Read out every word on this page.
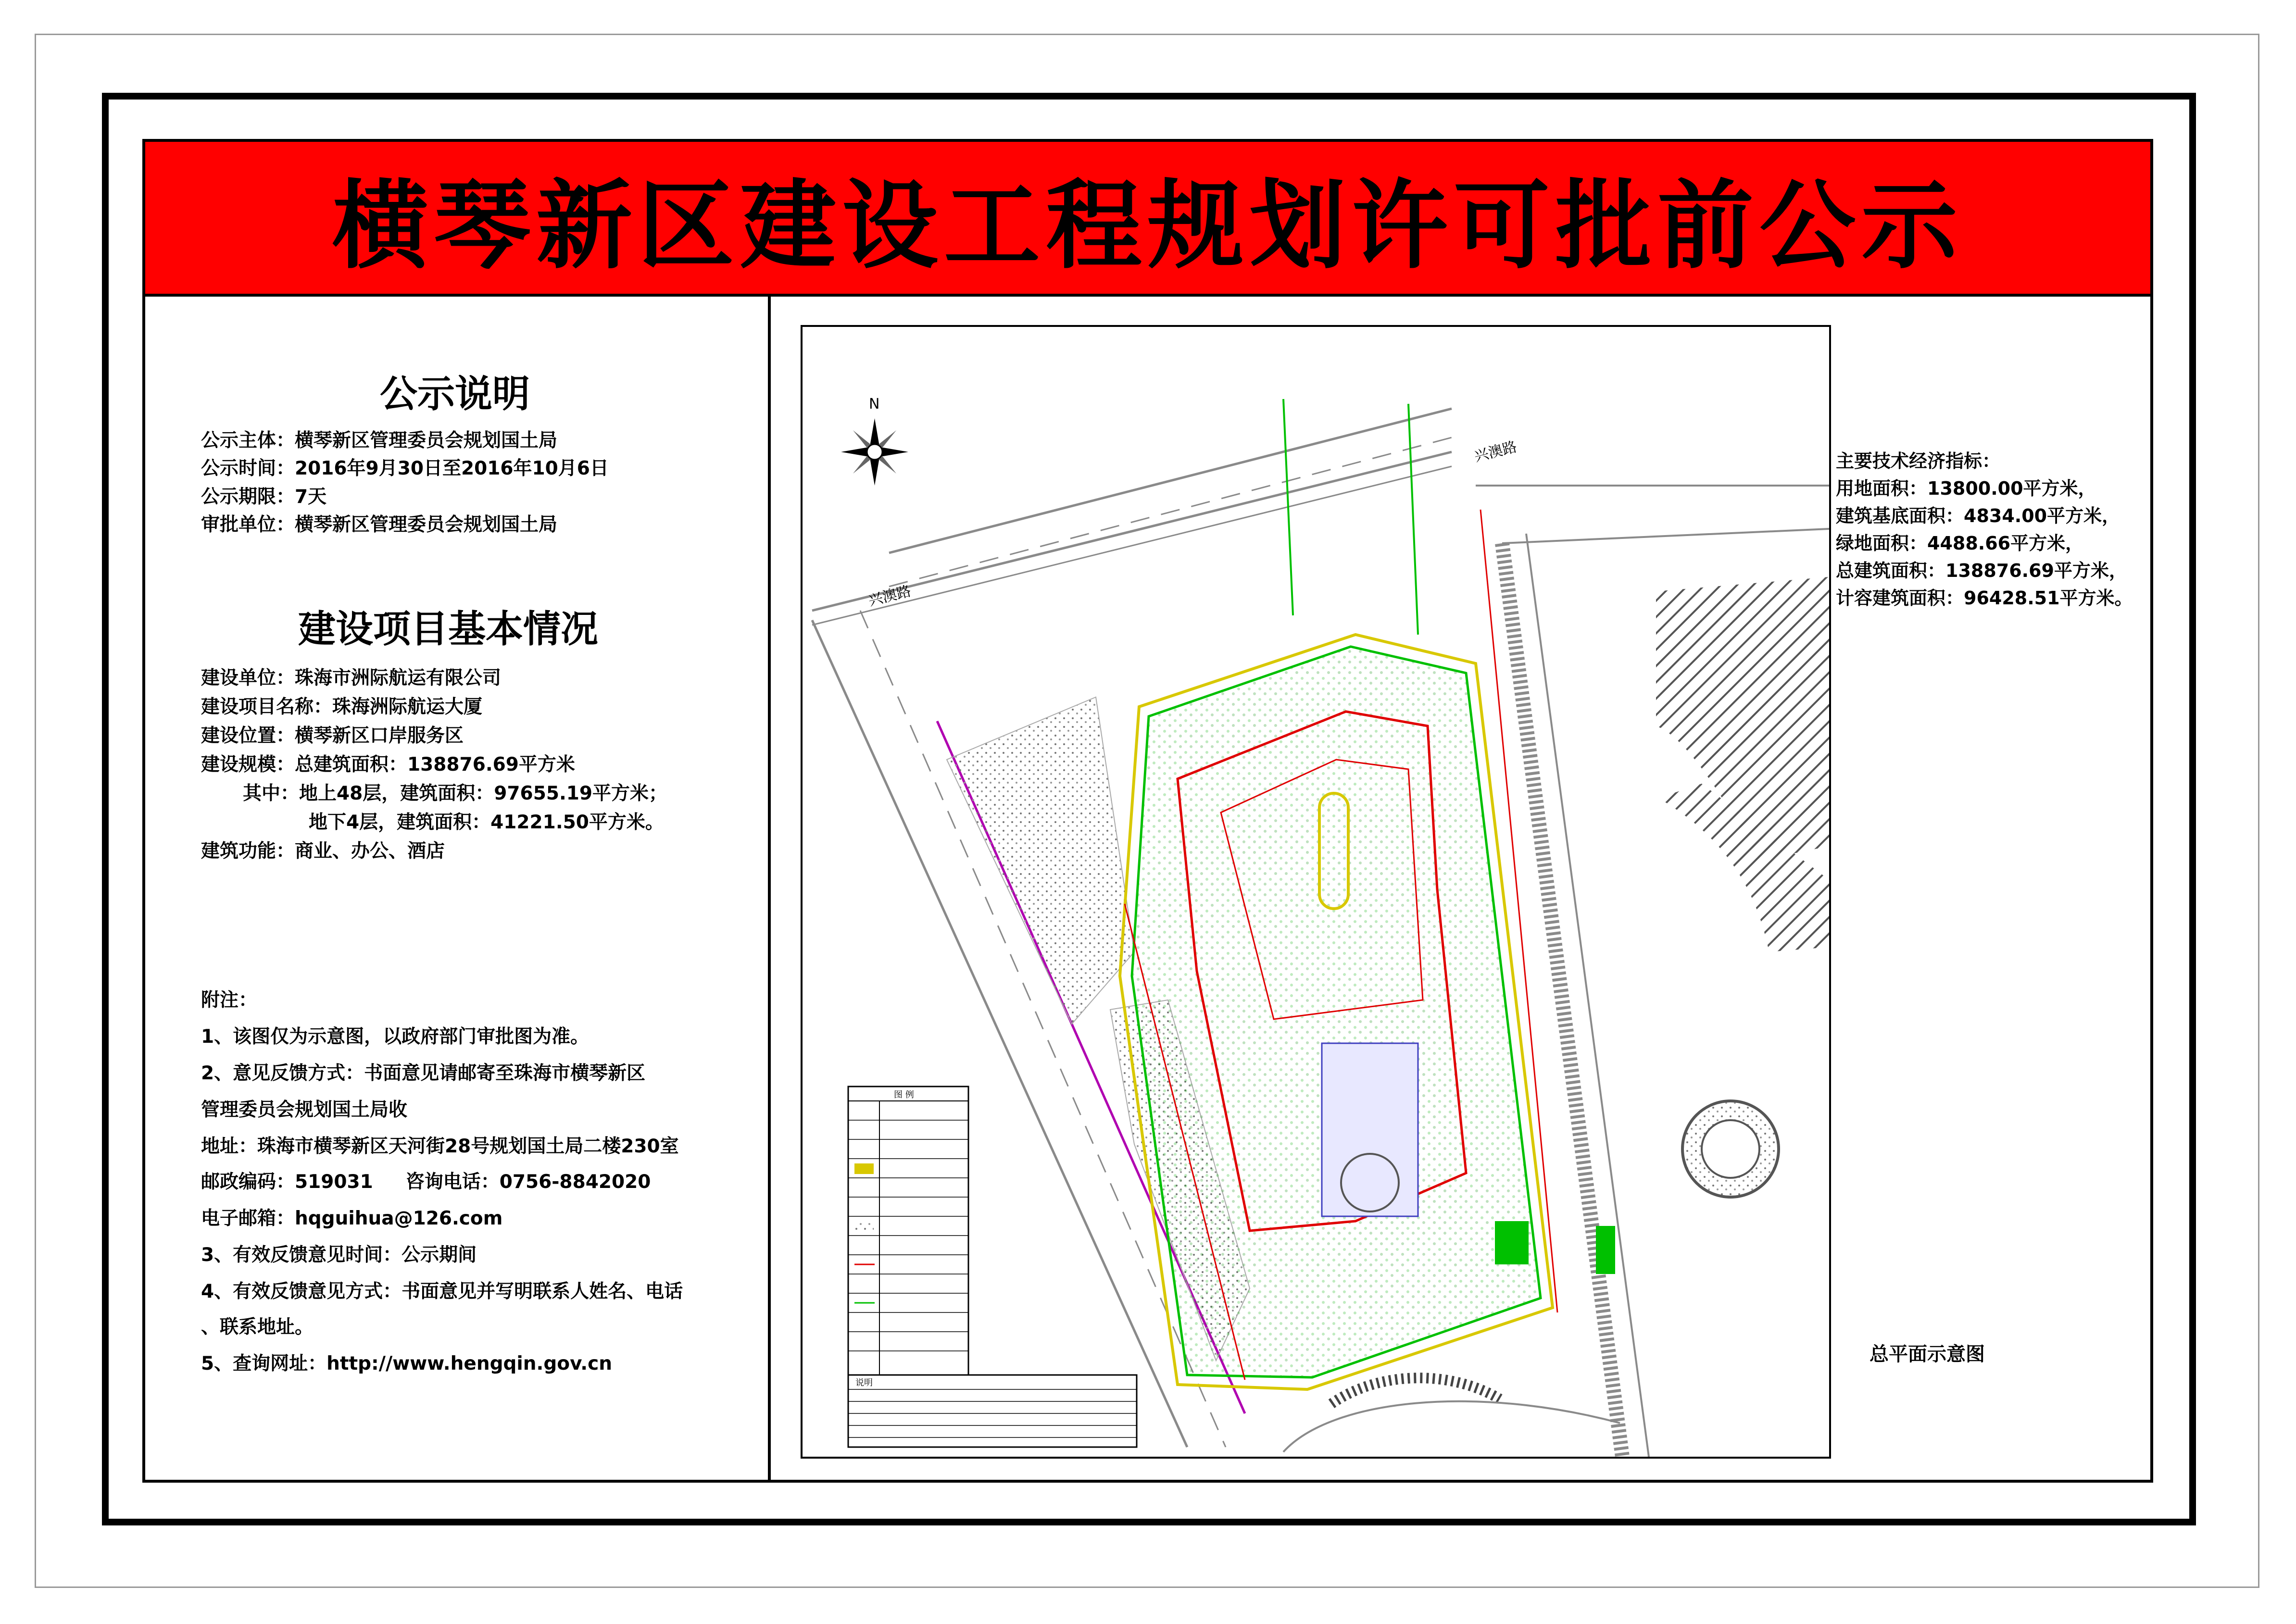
横琴新区建设工程规划许可批前公示
公示说明
公示主体：横琴新区管理委员会规划国土局
公示时间：2016年9月30日至2016年10月6日
公示期限：7天
审批单位：横琴新区管理委员会规划国土局
建设项目基本情况
建设单位：珠海市洲际航运有限公司
建设项目名称：珠海洲际航运大厦
建设位置：横琴新区口岸服务区
建设规模：总建筑面积：138876.69平方米
其中：地上48层，建筑面积：97655.19平方米；
地下4层，建筑面积：41221.50平方米。
建筑功能：商业、办公、酒店
附注：
1、该图仅为示意图，以政府部门审批图为准。
2、意见反馈方式：书面意见请邮寄至珠海市横琴新区
管理委员会规划国土局收
地址：珠海市横琴新区天河街28号规划国土局二楼230室
邮政编码：519031     咨询电话：0756-8842020
电子邮箱：hqguihua@126.com
3、有效反馈意见时间：公示期间
4、有效反馈意见方式：书面意见并写明联系人姓名、电话
、联系地址。
5、查询网址：http://www.hengqin.gov.cn
N
兴澳路
兴澳路
图 例
说明
主要技术经济指标：
用地面积：13800.00平方米，
建筑基底面积：4834.00平方米，
绿地面积：4488.66平方米，
总建筑面积：138876.69平方米，
计容建筑面积：96428.51平方米。
总平面示意图
